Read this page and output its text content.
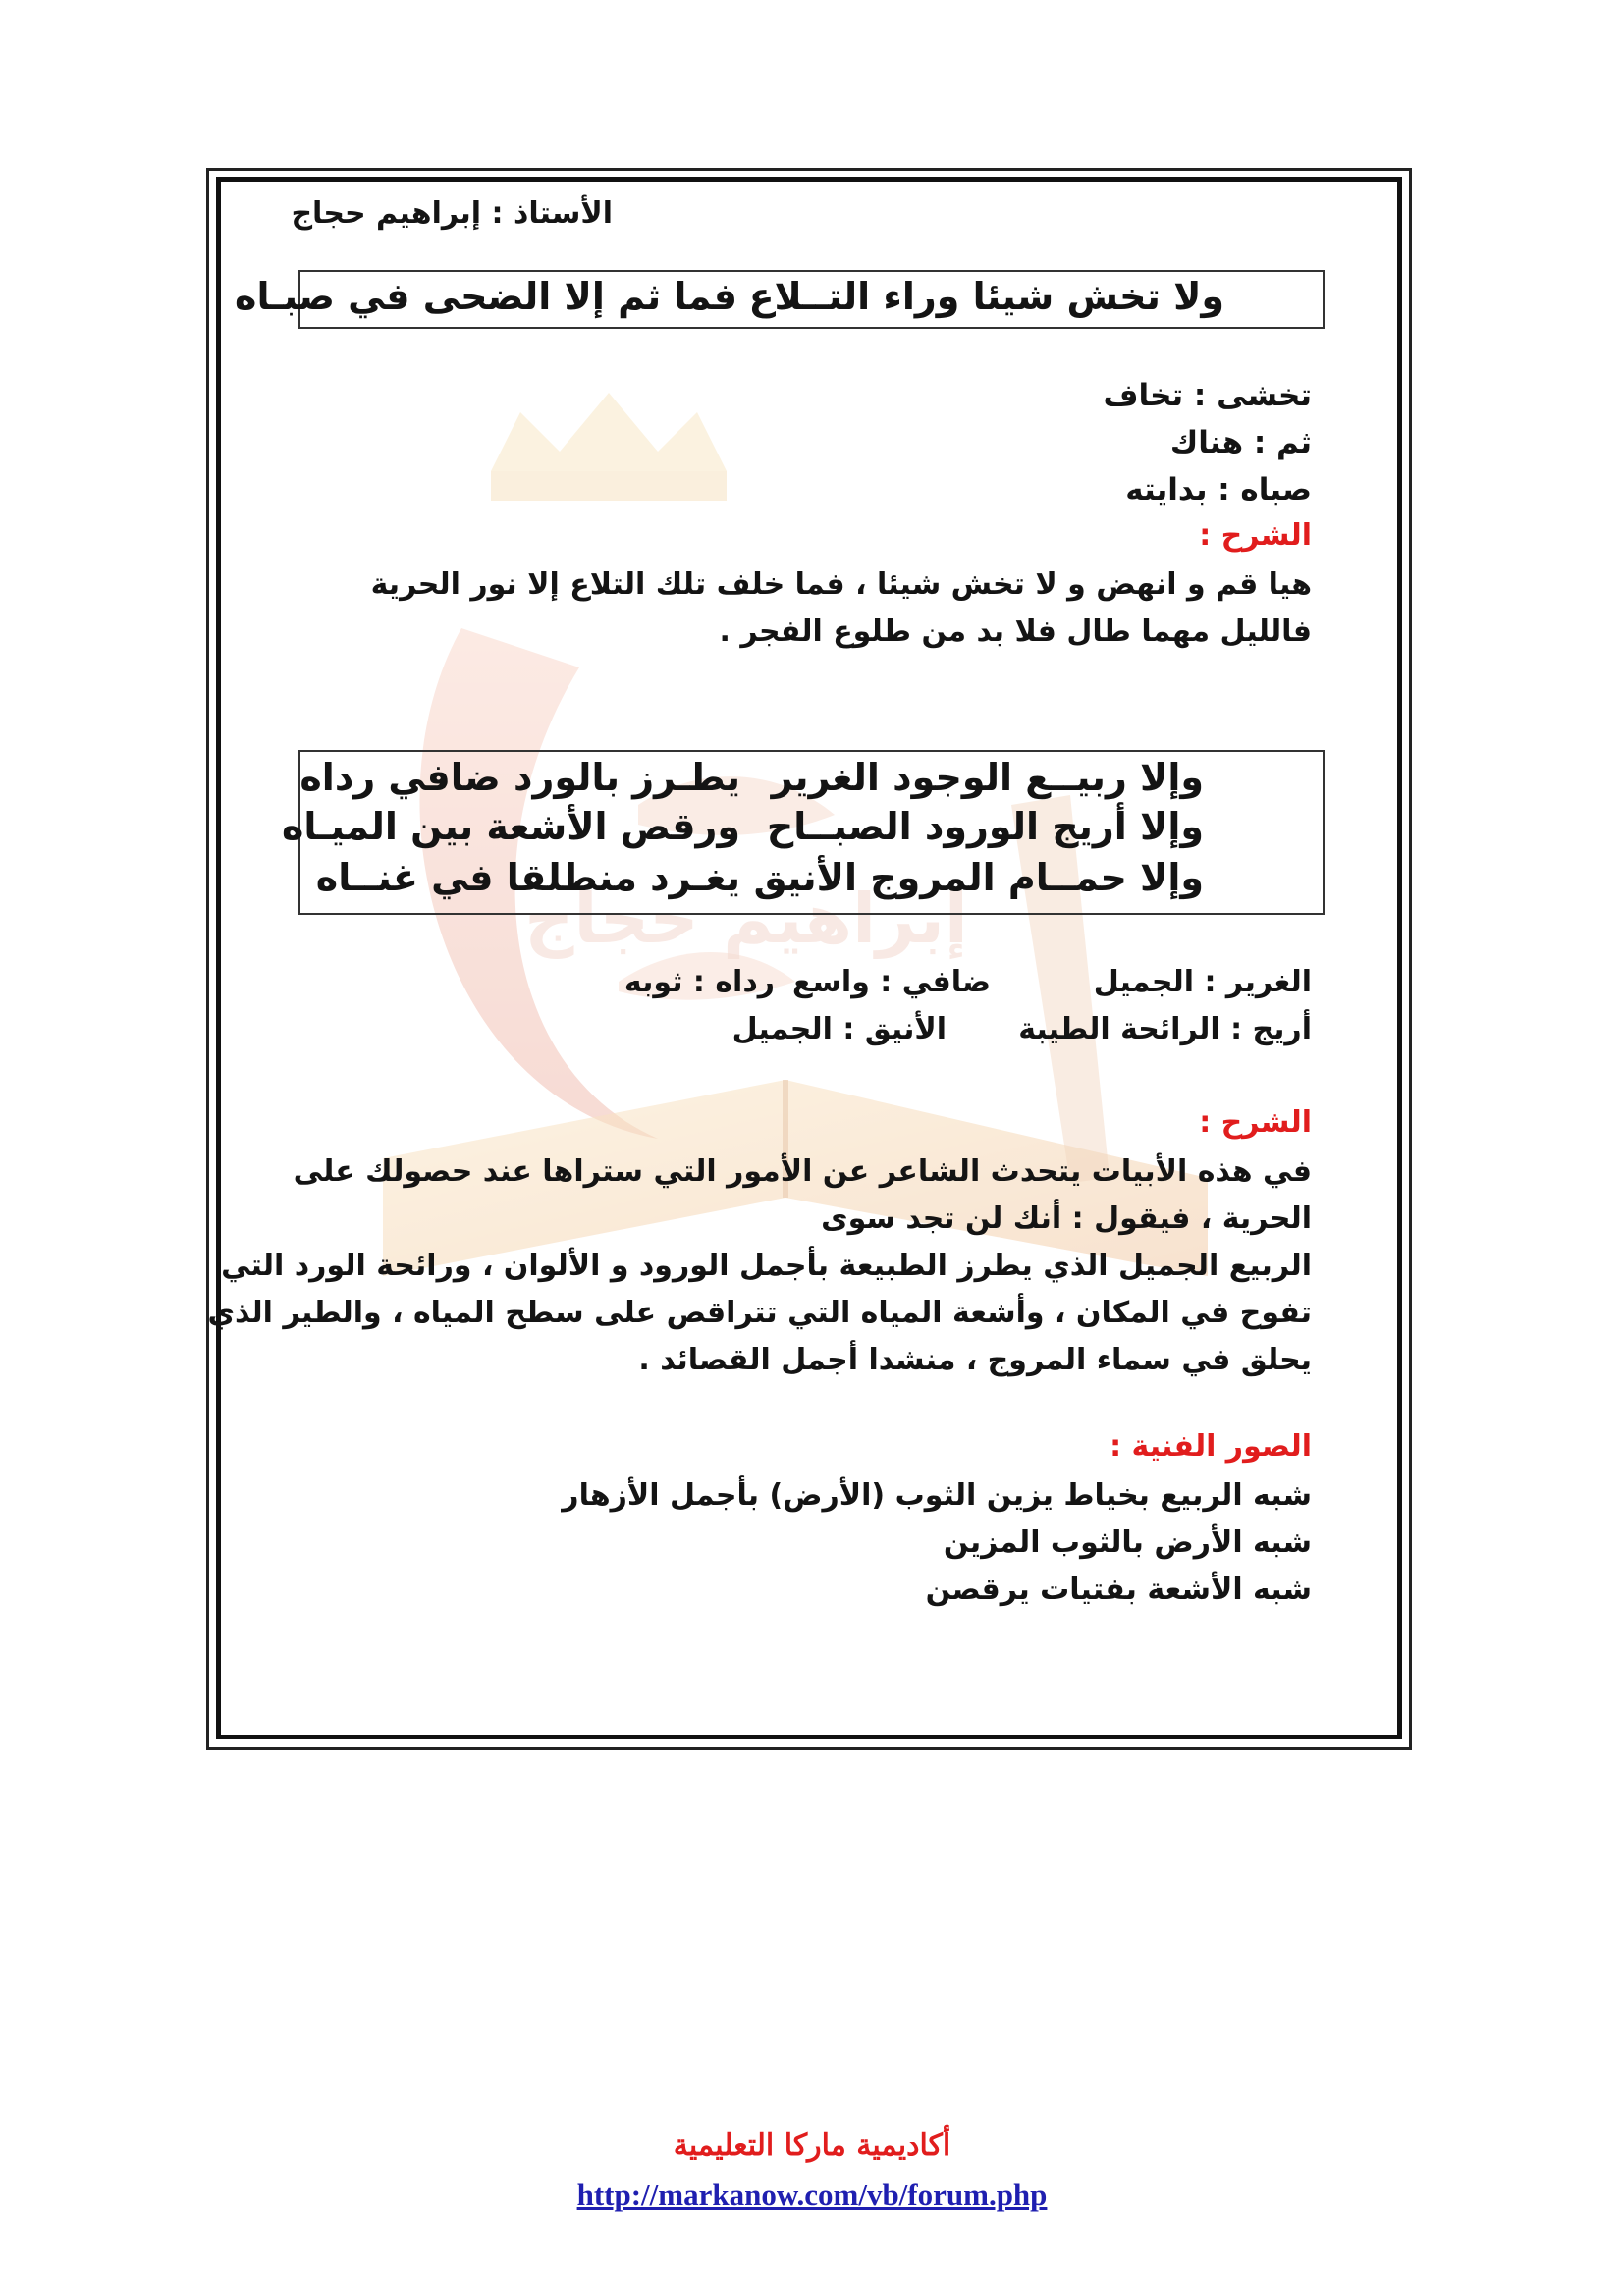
إبراهيم حجاج
الأستاذ : إبراهيم حجاج
ولا تخش شيئا وراء التــلاع
فما ثم إلا الضحى في صبـاه
تخشى : تخاف
ثم : هناك
صباه : بدايته
الشرح :
هيا قم و انهض و لا تخش شيئا ، فما خلف تلك التلاع إلا نور الحرية
فالليل مهما طال فلا بد من طلوع الفجر .
وإلا ربيــع الوجود الغرير
يطـرز بالورد ضافي رداه
وإلا أريج الورود الصبــاح
ورقص الأشعة بين الميـاه
وإلا حمــام المروج الأنيق
يغـرد منطلقا في غنــاه
الغرير : الجميل
ضافي : واسع
رداه : ثوبه
أريج : الرائحة الطيبة
الأنيق : الجميل
الشرح :
في هذه الأبيات يتحدث الشاعر عن الأمور التي ستراها عند حصولك على
الحرية ، فيقول : أنك لن تجد سوى
الربيع الجميل الذي يطرز الطبيعة بأجمل الورود و الألوان ، ورائحة الورد التي
تفوح في المكان ، وأشعة المياه التي تتراقص على سطح المياه ، والطير الذي
يحلق في سماء المروج ، منشدا أجمل القصائد .
الصور الفنية :
شبه الربيع بخياط يزين الثوب (الأرض) بأجمل الأزهار
شبه الأرض بالثوب المزين
شبه الأشعة بفتيات يرقصن
أكاديمية ماركا التعليمية
http://markanow.com/vb/forum.php
